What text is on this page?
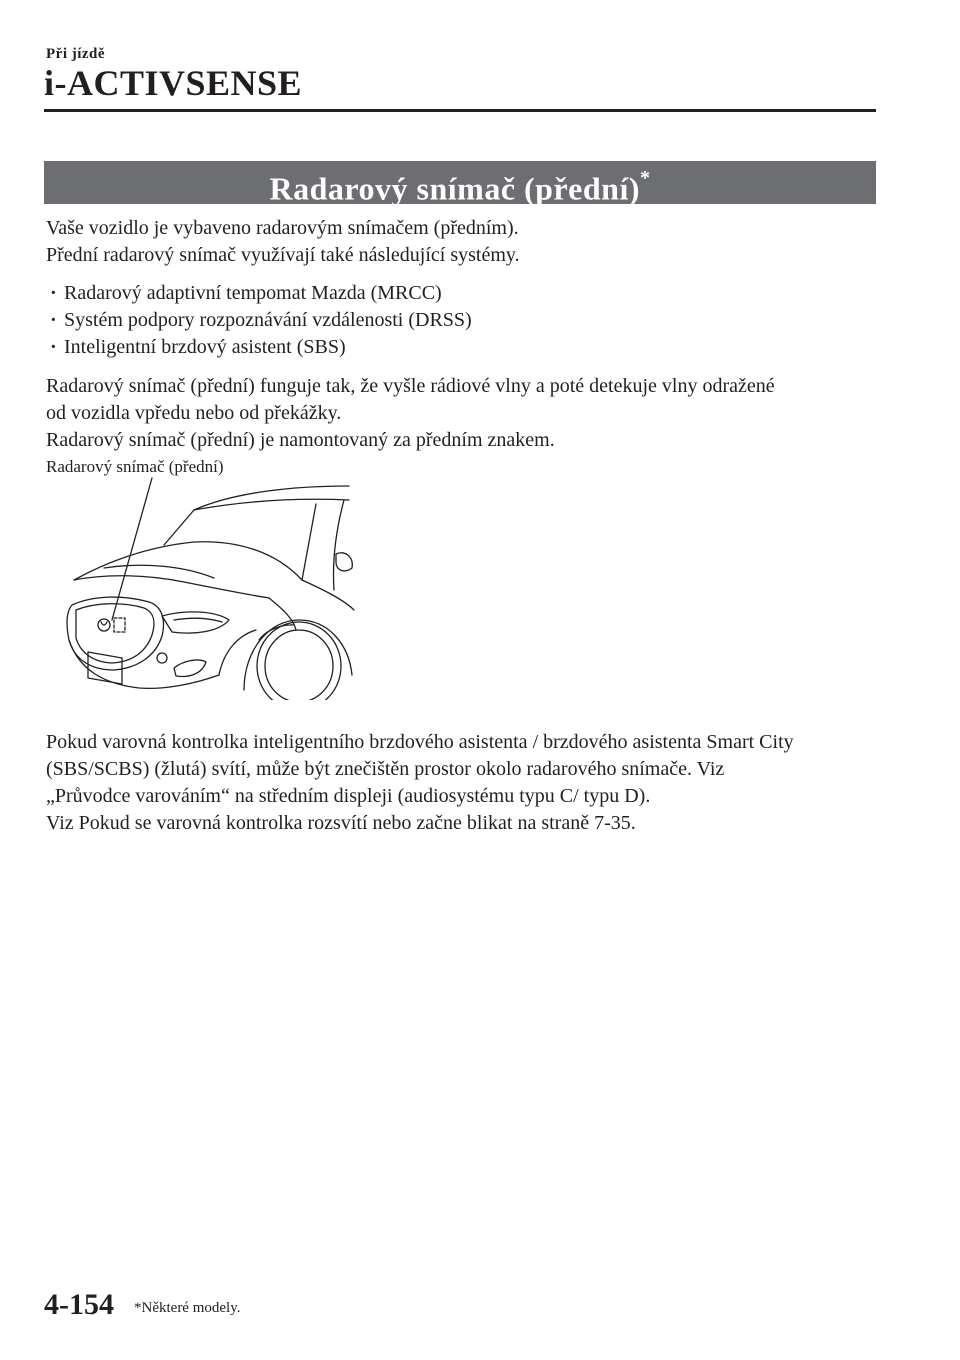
Při jízdě
i-ACTIVSENSE
Radarový snímač (přední)*
Vaše vozidlo je vybaveno radarovým snímačem (předním).
Přední radarový snímač využívají také následující systémy.
· Radarový adaptivní tempomat Mazda (MRCC)
· Systém podpory rozpoznávání vzdálenosti (DRSS)
· Inteligentní brzdový asistent (SBS)
Radarový snímač (přední) funguje tak, že vyšle rádiové vlny a poté detekuje vlny odražené
od vozidla vpředu nebo od překážky.
Radarový snímač (přední) je namontovaný za předním znakem.
Radarový snímač (přední)
Pokud varovná kontrolka inteligentního brzdového asistenta / brzdového asistenta Smart City
(SBS/SCBS) (žlutá) svítí, může být znečištěn prostor okolo radarového snímače. Viz
„Průvodce varováním“ na středním displeji (audiosystému typu C/ typu D).
Viz Pokud se varovná kontrolka rozsvítí nebo začne blikat na straně 7-35.
4-154 *Některé modely.
